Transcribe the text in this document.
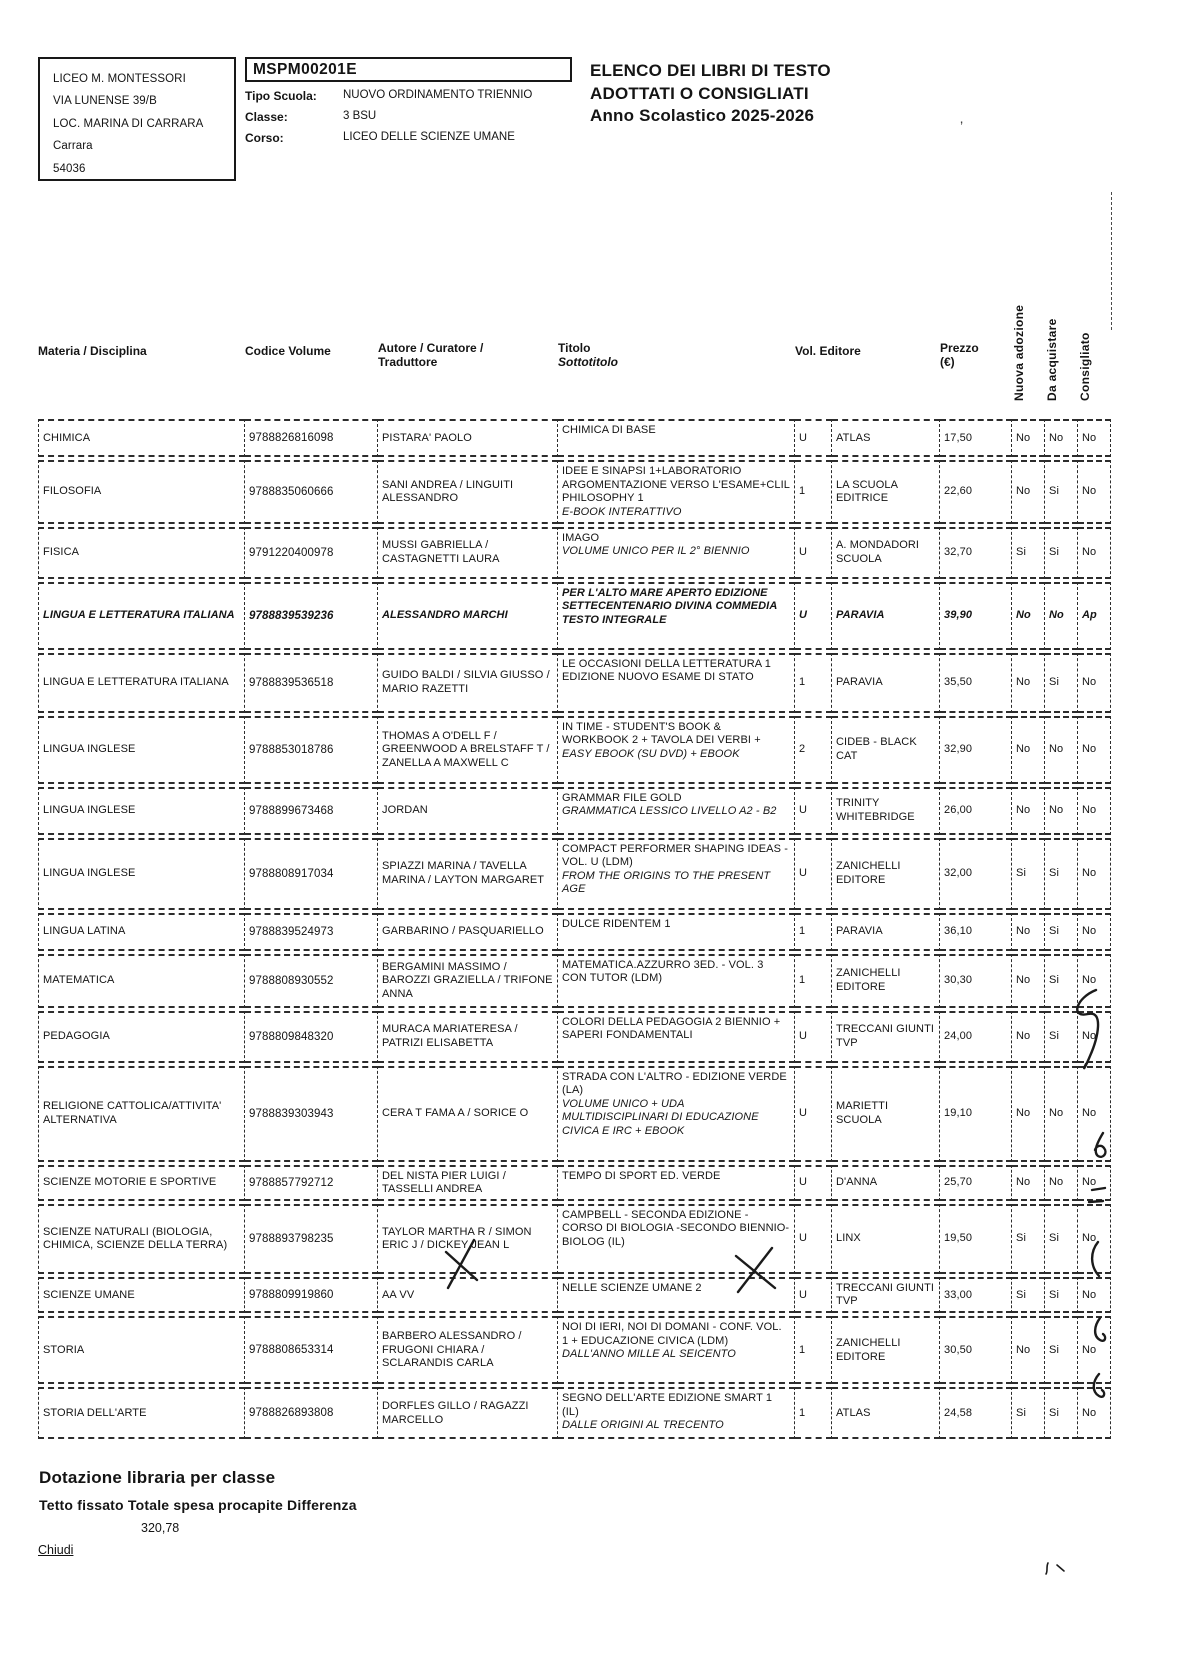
LICEO M. MONTESSORI
VIA LUNENSE 39/B
LOC. MARINA DI CARRARA
Carrara
54036
MSPM00201E
Tipo Scuola:	NUOVO ORDINAMENTO TRIENNIO
Classe:	3 BSU
Corso:	LICEO DELLE SCIENZE UMANE
ELENCO DEI LIBRI DI TESTO
ADOTTATI O CONSIGLIATI
Anno Scolastico 2025-2026
’
Materia / Disciplina	Codice Volume	Autore / Curatore /
Traduttore

Titolo
Sottotitolo

Vol. Editore	Prezzo
(€)	Nuova adozione	Da acquistare	Consigliato

CHIMICA	9788826816098	PISTARA' PAOLO	CHIMICA DI BASE	U	ATLAS	17,50	No	No	No
FILOSOFIA	9788835060666	SANI ANDREA / LINGUITI ALESSANDRO	IDEE E SINAPSI 1+LABORATORIO ARGOMENTAZIONE VERSO L'ESAME+CLIL PHILOSOPHY 1
E-BOOK INTERATTIVO	1	LA SCUOLA EDITRICE	22,60	No	Si	No
FISICA	9791220400978	MUSSI GABRIELLA / CASTAGNETTI LAURA	IMAGO
VOLUME UNICO PER IL 2° BIENNIO	U	A. MONDADORI SCUOLA	32,70	Si	Si	No
LINGUA E LETTERATURA ITALIANA	9788839539236	ALESSANDRO MARCHI	PER L'ALTO MARE APERTO EDIZIONE SETTECENTENARIO DIVINA COMMEDIA TESTO INTEGRALE	U	PARAVIA	39,90	No	No	Ap
LINGUA E LETTERATURA ITALIANA	9788839536518	GUIDO BALDI / SILVIA GIUSSO / MARIO RAZETTI	LE OCCASIONI DELLA LETTERATURA 1 EDIZIONE NUOVO ESAME DI STATO	1	PARAVIA	35,50	No	Si	No
LINGUA INGLESE	9788853018786	THOMAS A O'DELL F / GREENWOOD A BRELSTAFF T / ZANELLA A MAXWELL C	IN TIME - STUDENT'S BOOK & WORKBOOK 2 + TAVOLA DEI VERBI +
EASY EBOOK (SU DVD) + EBOOK	2	CIDEB - BLACK CAT	32,90	No	No	No
LINGUA INGLESE	9788899673468	JORDAN	GRAMMAR FILE GOLD
GRAMMATICA LESSICO LIVELLO A2 - B2	U	TRINITY WHITEBRIDGE	26,00	No	No	No
LINGUA INGLESE	9788808917034	SPIAZZI MARINA / TAVELLA MARINA / LAYTON MARGARET	COMPACT PERFORMER SHAPING IDEAS - VOL. U (LDM)
FROM THE ORIGINS TO THE PRESENT AGE	U	ZANICHELLI EDITORE	32,00	Si	Si	No
LINGUA LATINA	9788839524973	GARBARINO / PASQUARIELLO	DULCE RIDENTEM 1	1	PARAVIA	36,10	No	Si	No
MATEMATICA	9788808930552	BERGAMINI MASSIMO / BAROZZI GRAZIELLA / TRIFONE ANNA	MATEMATICA.AZZURRO 3ED. - VOL. 3 CON TUTOR (LDM)	1	ZANICHELLI EDITORE	30,30	No	Si	No
PEDAGOGIA	9788809848320	MURACA MARIATERESA / PATRIZI ELISABETTA	COLORI DELLA PEDAGOGIA 2 BIENNIO + SAPERI FONDAMENTALI	U	TRECCANI GIUNTI TVP	24,00	No	Si	No
RELIGIONE CATTOLICA/ATTIVITA' ALTERNATIVA	9788839303943	CERA T FAMA A / SORICE O	STRADA CON L'ALTRO - EDIZIONE VERDE (LA)
VOLUME UNICO + UDA MULTIDISCIPLINARI DI EDUCAZIONE CIVICA E IRC + EBOOK	U	MARIETTI SCUOLA	19,10	No	No	No
SCIENZE MOTORIE E SPORTIVE	9788857792712	DEL NISTA PIER LUIGI / TASSELLI ANDREA	TEMPO DI SPORT ED. VERDE	U	D'ANNA	25,70	No	No	No
SCIENZE NATURALI (BIOLOGIA, CHIMICA, SCIENZE DELLA TERRA)	9788893798235	TAYLOR MARTHA R / SIMON ERIC J / DICKEY JEAN L	CAMPBELL - SECONDA EDIZIONE - CORSO DI BIOLOGIA -SECONDO BIENNIO- BIOLOG (IL)	U	LINX	19,50	Si	Si	No
SCIENZE UMANE	9788809919860	AA VV	NELLE SCIENZE UMANE 2	U	TRECCANI GIUNTI TVP	33,00	Si	Si	No
STORIA	9788808653314	BARBERO ALESSANDRO / FRUGONI CHIARA / SCLARANDIS CARLA	NOI DI IERI, NOI DI DOMANI - CONF. VOL. 1 + EDUCAZIONE CIVICA (LDM)
DALL'ANNO MILLE AL SEICENTO	1	ZANICHELLI EDITORE	30,50	No	Si	No
STORIA DELL'ARTE	9788826893808	DORFLES GILLO / RAGAZZI MARCELLO	SEGNO DELL'ARTE EDIZIONE SMART 1 (IL)
DALLE ORIGINI AL TRECENTO	1	ATLAS	24,58	Si	Si	No
Dotazione libraria per classe
Tetto fissato Totale spesa procapite Differenza
320,78
Chiudi
